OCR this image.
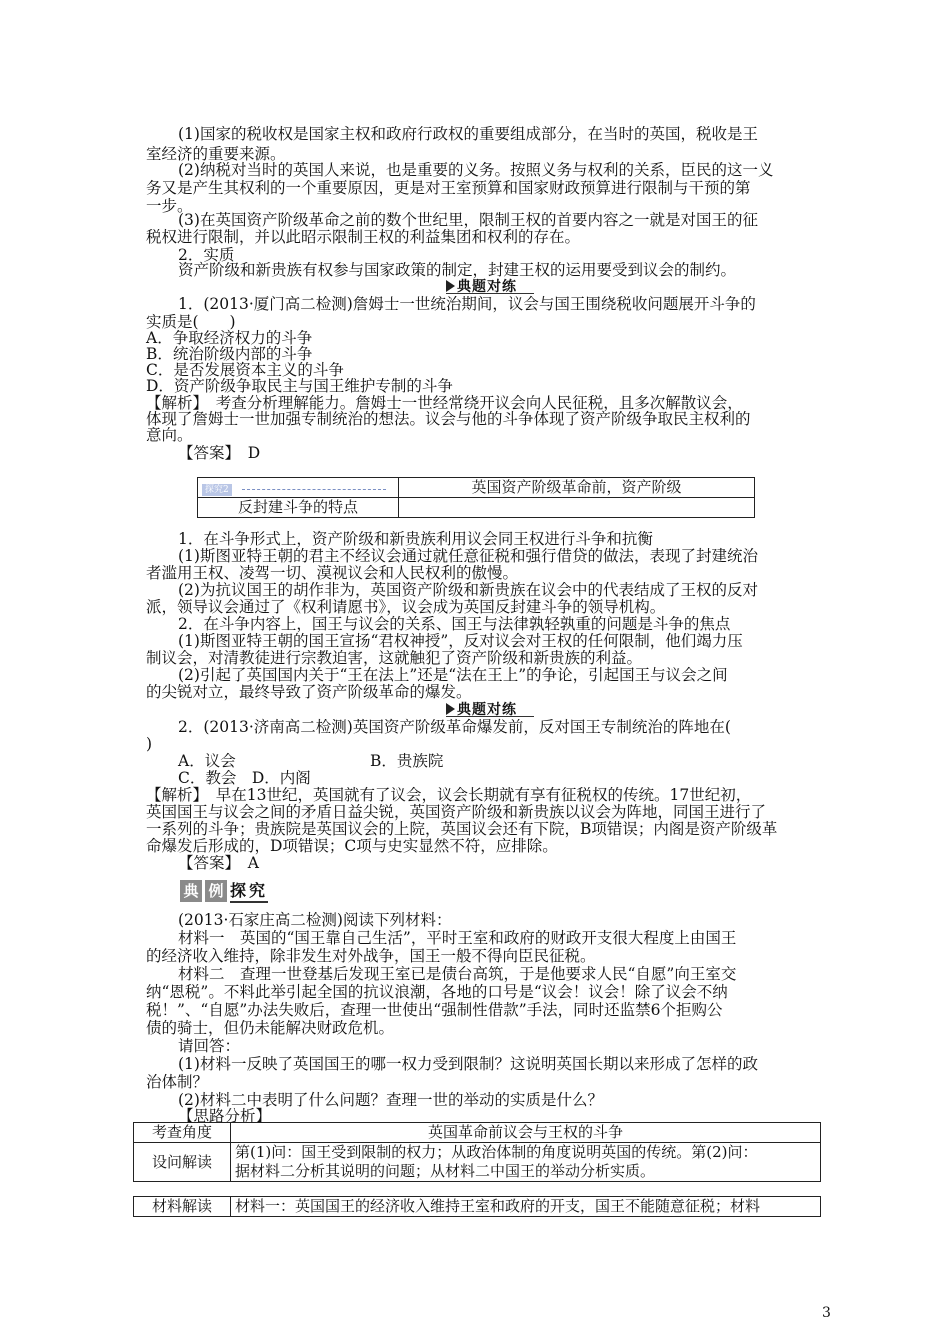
(1)国家的税收权是国家主权和政府行政权的重要组成部分，在当时的英国，税收是王
室经济的重要来源。
(2)纳税对当时的英国人来说，也是重要的义务。按照义务与权利的关系，臣民的这一义
务又是产生其权利的一个重要原因，更是对王室预算和国家财政预算进行限制与干预的第
一步。
(3)在英国资产阶级革命之前的数个世纪里，限制王权的首要内容之一就是对国王的征
税权进行限制，并以此昭示限制王权的利益集团和权利的存在。
2．实质
资产阶级和新贵族有权参与国家政策的制定，封建王权的运用要受到议会的制约。
典题对练
1．(2013·厦门高二检测)詹姆士一世统治期间，议会与国王围绕税收问题展开斗争的
实质是(　　)
A．争取经济权力的斗争
B．统治阶级内部的斗争
C．是否发展资本主义的斗争
D．资产阶级争取民主与国王维护专制的斗争
【解析】　考查分析理解能力。詹姆士一世经常绕开议会向人民征税，且多次解散议会，
体现了詹姆士一世加强专制统治的想法。议会与他的斗争体现了资产阶级争取民主权利的
意向。
【答案】　D
探究2	英国资产阶级革命前，资产阶级
反封建斗争的特点	
1．在斗争形式上，资产阶级和新贵族利用议会同王权进行斗争和抗衡
(1)斯图亚特王朝的君主不经议会通过就任意征税和强行借贷的做法，表现了封建统治
者滥用王权、凌驾一切、漠视议会和人民权利的傲慢。
(2)为抗议国王的胡作非为，英国资产阶级和新贵族在议会中的代表结成了王权的反对
派，领导议会通过了《权利请愿书》，议会成为英国反封建斗争的领导机构。
2．在斗争内容上，国王与议会的关系、国王与法律孰轻孰重的问题是斗争的焦点
(1)斯图亚特王朝的国王宣扬“君权神授”，反对议会对王权的任何限制，他们竭力压
制议会，对清教徒进行宗教迫害，这就触犯了资产阶级和新贵族的利益。
(2)引起了英国国内关于“王在法上”还是“法在王上”的争论，引起国王与议会之间
的尖锐对立，最终导致了资产阶级革命的爆发。
典题对练
2．(2013·济南高二检测)英国资产阶级革命爆发前，反对国王专制统治的阵地在(
)
A．议会	B．贵族院
C．教会　D．内阁
【解析】　早在13世纪，英国就有了议会，议会长期就有享有征税权的传统。17世纪初，
英国国王与议会之间的矛盾日益尖锐，英国资产阶级和新贵族以议会为阵地，同国王进行了
一系列的斗争；贵族院是英国议会的上院，英国议会还有下院，B项错误；内阁是资产阶级革
命爆发后形成的，D项错误；C项与史实显然不符，应排除。
【答案】　A
典 例 探究
(2013·石家庄高二检测)阅读下列材料：
材料一　英国的“国王靠自己生活”，平时王室和政府的财政开支很大程度上由国王
的经济收入维持，除非发生对外战争，国王一般不得向臣民征税。
材料二　查理一世登基后发现王室已是债台高筑，于是他要求人民“自愿”向王室交
纳“恩税”。不料此举引起全国的抗议浪潮，各地的口号是“议会！议会！除了议会不纳
税！”、“自愿”办法失败后，查理一世使出“强制性借款”手法，同时还监禁6个拒购公
债的骑士，但仍未能解决财政危机。
请回答：
(1)材料一反映了英国国王的哪一权力受到限制？这说明英国长期以来形成了怎样的政
治体制？
(2)材料二中表明了什么问题？查理一世的举动的实质是什么？
【思路分析】
考查角度	英国革命前议会与王权的斗争
设问解读	第(1)问：国王受到限制的权力；从政治体制的角度说明英国的传统。第(2)问：
据材料二分析其说明的问题；从材料二中国王的举动分析实质。
材料解读	材料一：英国国王的经济收入维持王室和政府的开支，国王不能随意征税；材料
3
